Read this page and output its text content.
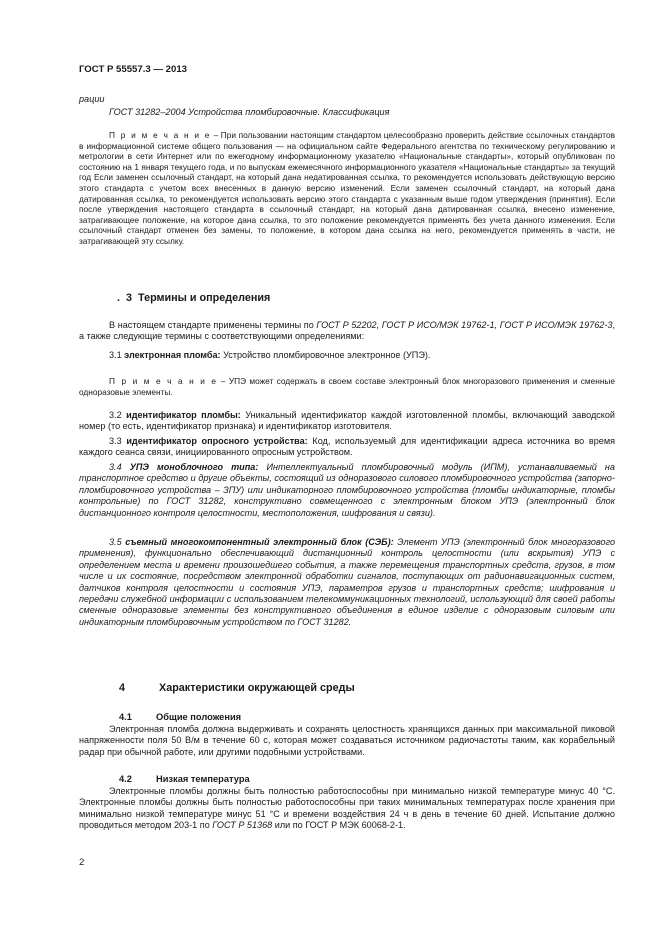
ГОСТ Р 55557.3 — 2013

рации

ГОСТ 31282–2004 Устройства пломбировочные. Классификация

П р и м е ч а н и е – При пользовании настоящим стандартом целесообразно проверить действие ссылочных стандартов в информационной системе общего пользования — на официальном сайте Федерального агентства по техническому регулированию и метрологии в сети Интернет или по ежегодному информационному указателю «Национальные стандарты», который опубликован по состоянию на 1 января текущего года, и по выпускам ежемесячного информационного указателя «Национальные стандарты» за текущий год Если заменен ссылочный стандарт, на который дана недатированная ссылка, то рекомендуется использовать действующую версию этого стандарта с учетом всех внесенных в данную версию изменений. Если заменен ссылочный стандарт, на который дана датированная ссылка, то рекомендуется использовать версию этого стандарта с указанным выше годом утверждения (принятия). Если после утверждения настоящего стандарта в ссылочный стандарт, на который дана датированная ссылка, внесено изменение, затрагивающее положение, на которое дана ссылка, то это положение рекомендуется применять без учета данного изменения. Если ссылочный стандарт отменен без замены, то положение, в котором дана ссылка на него, рекомендуется применять в части, не затрагивающей эту ссылку.

. 3 Термины и определения

В настоящем стандарте применены термины по ГОСТ Р 52202, ГОСТ Р ИСО/МЭК 19762-1, ГОСТ Р ИСО/МЭК 19762-3, а также следующие термины с соответствующими определениями:

3.1 электронная пломба: Устройство пломбировочное электронное (УПЭ).

П р и м е ч а н и е – УПЭ может содержать в своем составе электронный блок многоразового применения и сменные одноразовые элементы.

3.2 идентификатор пломбы: Уникальный идентификатор каждой изготовленной пломбы, включающий заводской номер (то есть, идентификатор признака) и идентификатор изготовителя.

3.3 идентификатор опросного устройства: Код, используемый для идентификации адреса источника во время каждого сеанса связи, инициированного опросным устройством.

3.4 УПЭ моноблочного типа: Интеллектуальный пломбировочный модуль (ИПМ), устанавливаемый на транспортное средство и другие объекты, состоящий из одноразового силового пломбировочного устройства (запорно-пломбировочного устройства – ЗПУ) или индикаторного пломбировочного устройства (пломбы индикаторные, пломбы контрольные) по ГОСТ 31282, конструктивно совмещенного с электронным блоком УПЭ (электронный блок дистанционного контроля целостности, местоположения, шифрования и связи).

3.5 съемный многокомпонентный электронный блок (СЭБ): Элемент УПЭ (электронный блок многоразового применения), функционально обеспечивающий дистанционный контроль целостности (или вскрытия) УПЭ с определением места и времени произошедшего события, а также перемещения транспортных средств, грузов, в том числе и их состояние, посредством электронной обработки сигналов, поступающих от радионавигационных систем, датчиков контроля целостности и состояния УПЭ, параметров грузов и транспортных средств; шифрования и передачи служебной информации с использованием телекоммуникационных технологий, использующий для своей работы сменные одноразовые элементы без конструктивного объединения в единое изделие с одноразовым силовым или индикаторным пломбировочным устройством по ГОСТ 31282.

4	Характеристики окружающей среды
4.1	Общие положения

Электронная пломба должна выдерживать и сохранять целостность хранящихся данных при максимальной пиковой напряженности поля 50 В/м в течение 60 с, которая может создаваться источником радиочастоты таким, как корабельный радар при обычной работе, или другими подобными устройствами.

4.2	Низкая температура

Электронные пломбы должны быть полностью работоспособны при минимально низкой температуре минус 40 °С. Электронные пломбы должны быть полностью работоспособны при таких минимальных температурах после хранения при минимально низкой температуре минус 51 °С и времени воздействия 24 ч в день в течение 60 дней. Испытание должно проводиться методом 203-1 по ГОСТ Р 51368 или по ГОСТ Р МЭК 60068-2-1.

2
